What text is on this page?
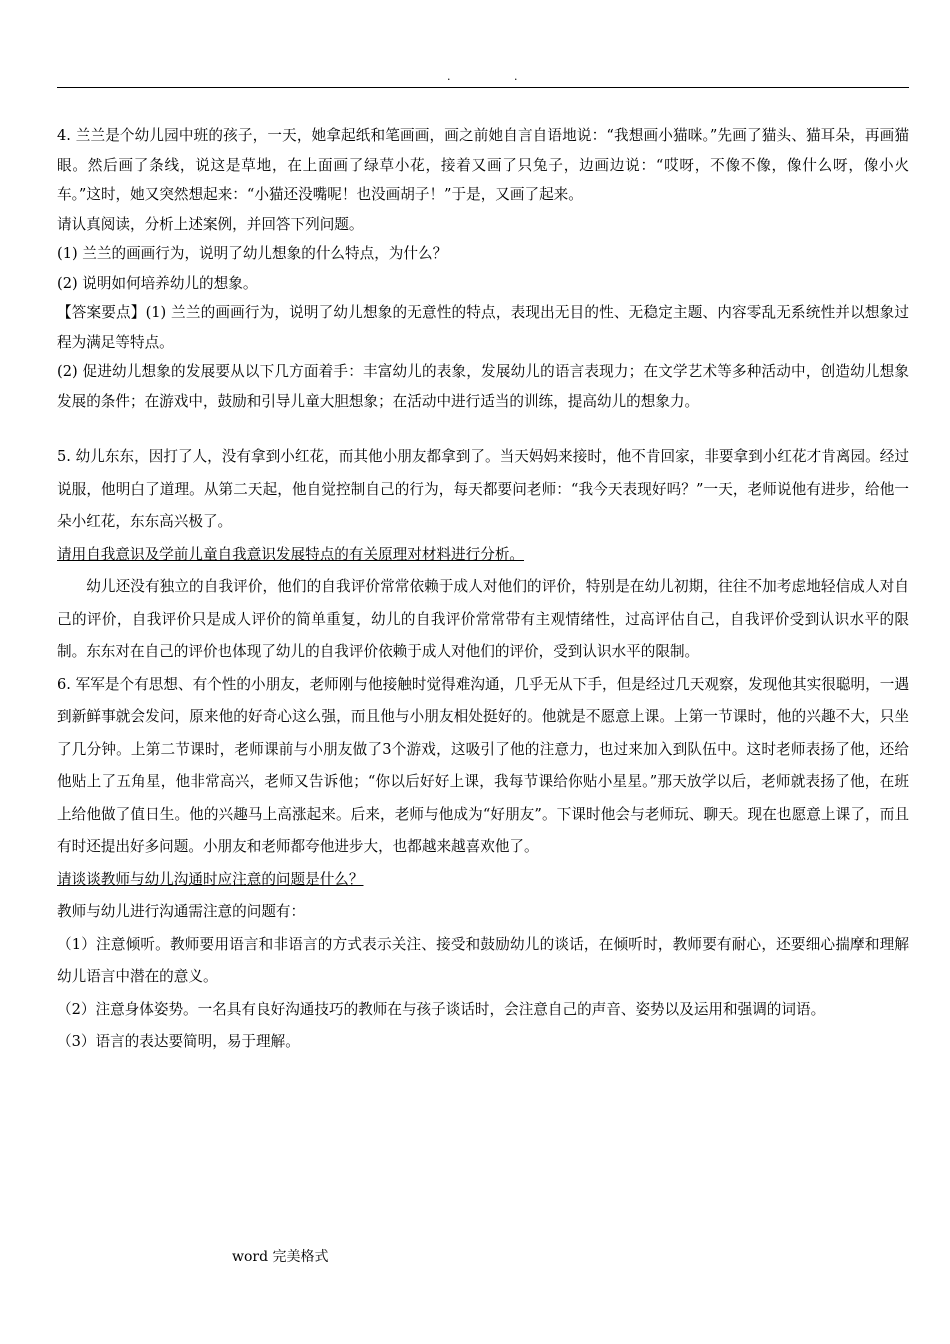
.	.

4. 兰兰是个幼儿园中班的孩子，一天，她拿起纸和笔画画，画之前她自言自语地说：“我想画小猫咪。”先画了猫头、猫耳朵，再画猫眼。然后画了条线，说这是草地，在上面画了绿草小花，接着又画了只兔子，边画边说：“哎呀，不像不像，像什么呀，像小火车。”这时，她又突然想起来：“小猫还没嘴呢！也没画胡子！”于是，又画了起来。

请认真阅读，分析上述案例，并回答下列问题。

(1) 兰兰的画画行为，说明了幼儿想象的什么特点，为什么？

(2) 说明如何培养幼儿的想象。

【答案要点】(1) 兰兰的画画行为，说明了幼儿想象的无意性的特点，表现出无目的性、无稳定主题、内容零乱无系统性并以想象过程为满足等特点。

(2) 促进幼儿想象的发展要从以下几方面着手：丰富幼儿的表象，发展幼儿的语言表现力；在文学艺术等多种活动中，创造幼儿想象发展的条件；在游戏中，鼓励和引导儿童大胆想象；在活动中进行适当的训练，提高幼儿的想象力。

5. 幼儿东东，因打了人，没有拿到小红花，而其他小朋友都拿到了。当天妈妈来接时，他不肯回家，非要拿到小红花才肯离园。经过说服，他明白了道理。从第二天起，他自觉控制自己的行为，每天都要问老师：“我今天表现好吗？”一天，老师说他有进步，给他一朵小红花，东东高兴极了。

请用自我意识及学前儿童自我意识发展特点的有关原理对材料进行分析。

幼儿还没有独立的自我评价，他们的自我评价常常依赖于成人对他们的评价，特别是在幼儿初期，往往不加考虑地轻信成人对自己的评价，自我评价只是成人评价的简单重复，幼儿的自我评价常常带有主观情绪性，过高评估自己，自我评价受到认识水平的限制。东东对在自己的评价也体现了幼儿的自我评价依赖于成人对他们的评价，受到认识水平的限制。

6. 军军是个有思想、有个性的小朋友，老师刚与他接触时觉得难沟通，几乎无从下手，但是经过几天观察，发现他其实很聪明，一遇到新鲜事就会发问，原来他的好奇心这么强，而且他与小朋友相处挺好的。他就是不愿意上课。上第一节课时，他的兴趣不大，只坐了几分钟。上第二节课时，老师课前与小朋友做了3个游戏，这吸引了他的注意力，也过来加入到队伍中。这时老师表扬了他，还给他贴上了五角星，他非常高兴，老师又告诉他；“你以后好好上课，我每节课给你贴小星星。”那天放学以后，老师就表扬了他，在班上给他做了值日生。他的兴趣马上高涨起来。后来，老师与他成为“好朋友”。下课时他会与老师玩、聊天。现在也愿意上课了，而且有时还提出好多问题。小朋友和老师都夸他进步大，也都越来越喜欢他了。

请谈谈教师与幼儿沟通时应注意的问题是什么？

教师与幼儿进行沟通需注意的问题有：

（1）注意倾听。教师要用语言和非语言的方式表示关注、接受和鼓励幼儿的谈话，在倾听时，教师要有耐心，还要细心揣摩和理解幼儿语言中潜在的意义。

（2）注意身体姿势。一名具有良好沟通技巧的教师在与孩子谈话时，会注意自己的声音、姿势以及运用和强调的词语。

（3）语言的表达要简明，易于理解。

word 完美格式
